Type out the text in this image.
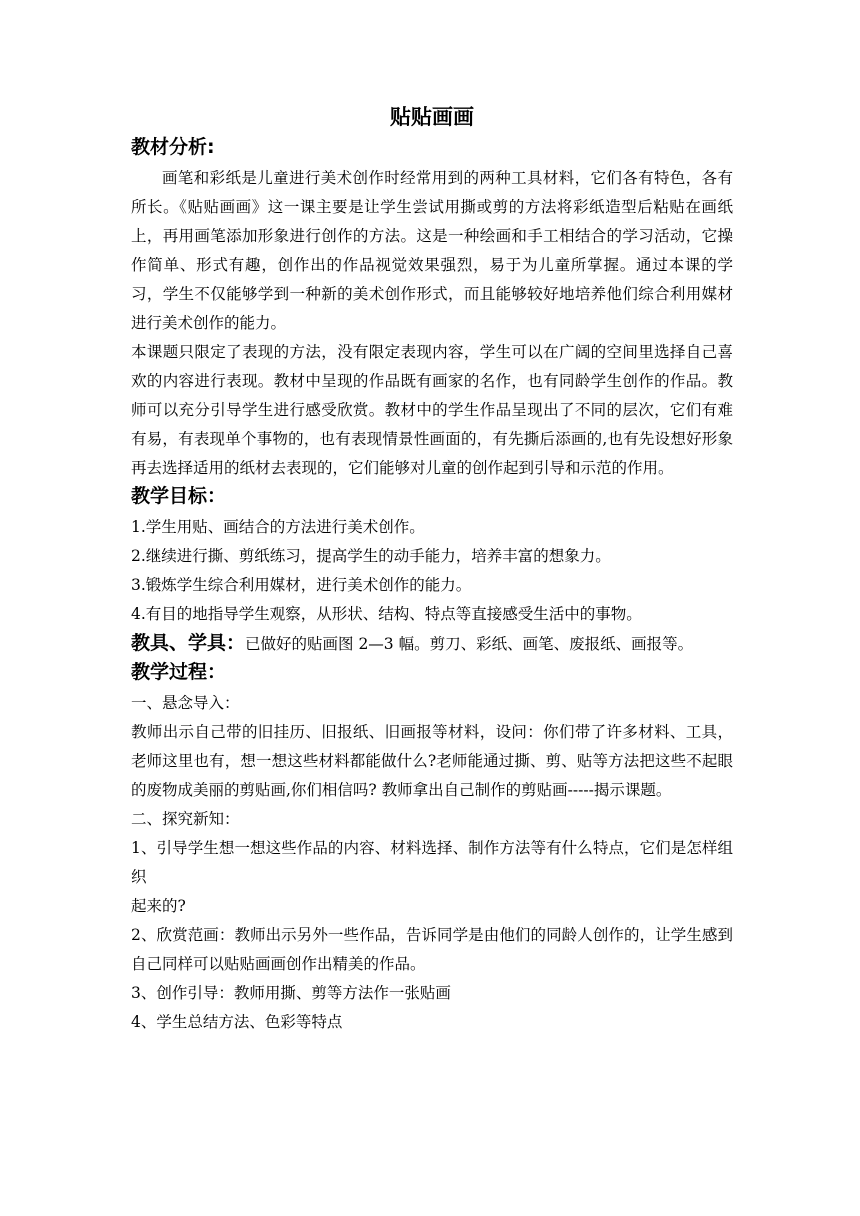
贴贴画画
教材分析:

画笔和彩纸是儿童进行美术创作时经常用到的两种工具材料，它们各有特色，各有所长。《贴贴画画》这一课主要是让学生尝试用撕或剪的方法将彩纸造型后粘贴在画纸上，再用画笔添加形象进行创作的方法。这是一种绘画和手工相结合的学习活动，它操作简单、形式有趣，创作出的作品视觉效果强烈，易于为儿童所掌握。通过本课的学习，学生不仅能够学到一种新的美术创作形式，而且能够较好地培养他们综合利用媒材进行美术创作的能力。

本课题只限定了表现的方法，没有限定表现内容，学生可以在广阔的空间里选择自己喜欢的内容进行表现。教材中呈现的作品既有画家的名作，也有同龄学生创作的作品。教师可以充分引导学生进行感受欣赏。教材中的学生作品呈现出了不同的层次，它们有难有易，有表现单个事物的，也有表现情景性画面的，有先撕后添画的,也有先设想好形象再去选择适用的纸材去表现的，它们能够对儿童的创作起到引导和示范的作用。

教学目标：

1.学生用贴、画结合的方法进行美术创作。

2.继续进行撕、剪纸练习，提高学生的动手能力，培养丰富的想象力。

3.锻炼学生综合利用媒材，进行美术创作的能力。

4.有目的地指导学生观察，从形状、结构、特点等直接感受生活中的事物。

教具、学具：已做好的贴画图 2—3 幅。剪刀、彩纸、画笔、废报纸、画报等。

教学过程：

一、悬念导入：

教师出示自己带的旧挂历、旧报纸、旧画报等材料，设问：你们带了许多材料、工具，老师这里也有，想一想这些材料都能做什么?老师能通过撕、剪、贴等方法把这些不起眼的废物成美丽的剪贴画,你们相信吗? 教师拿出自己制作的剪贴画-----揭示课题。

二、探究新知：

1、引导学生想一想这些作品的内容、材料选择、制作方法等有什么特点，它们是怎样组织

起来的?

2、欣赏范画：教师出示另外一些作品，告诉同学是由他们的同龄人创作的，让学生感到自己同样可以贴贴画画创作出精美的作品。

3、创作引导：教师用撕、剪等方法作一张贴画

4、学生总结方法、色彩等特点
